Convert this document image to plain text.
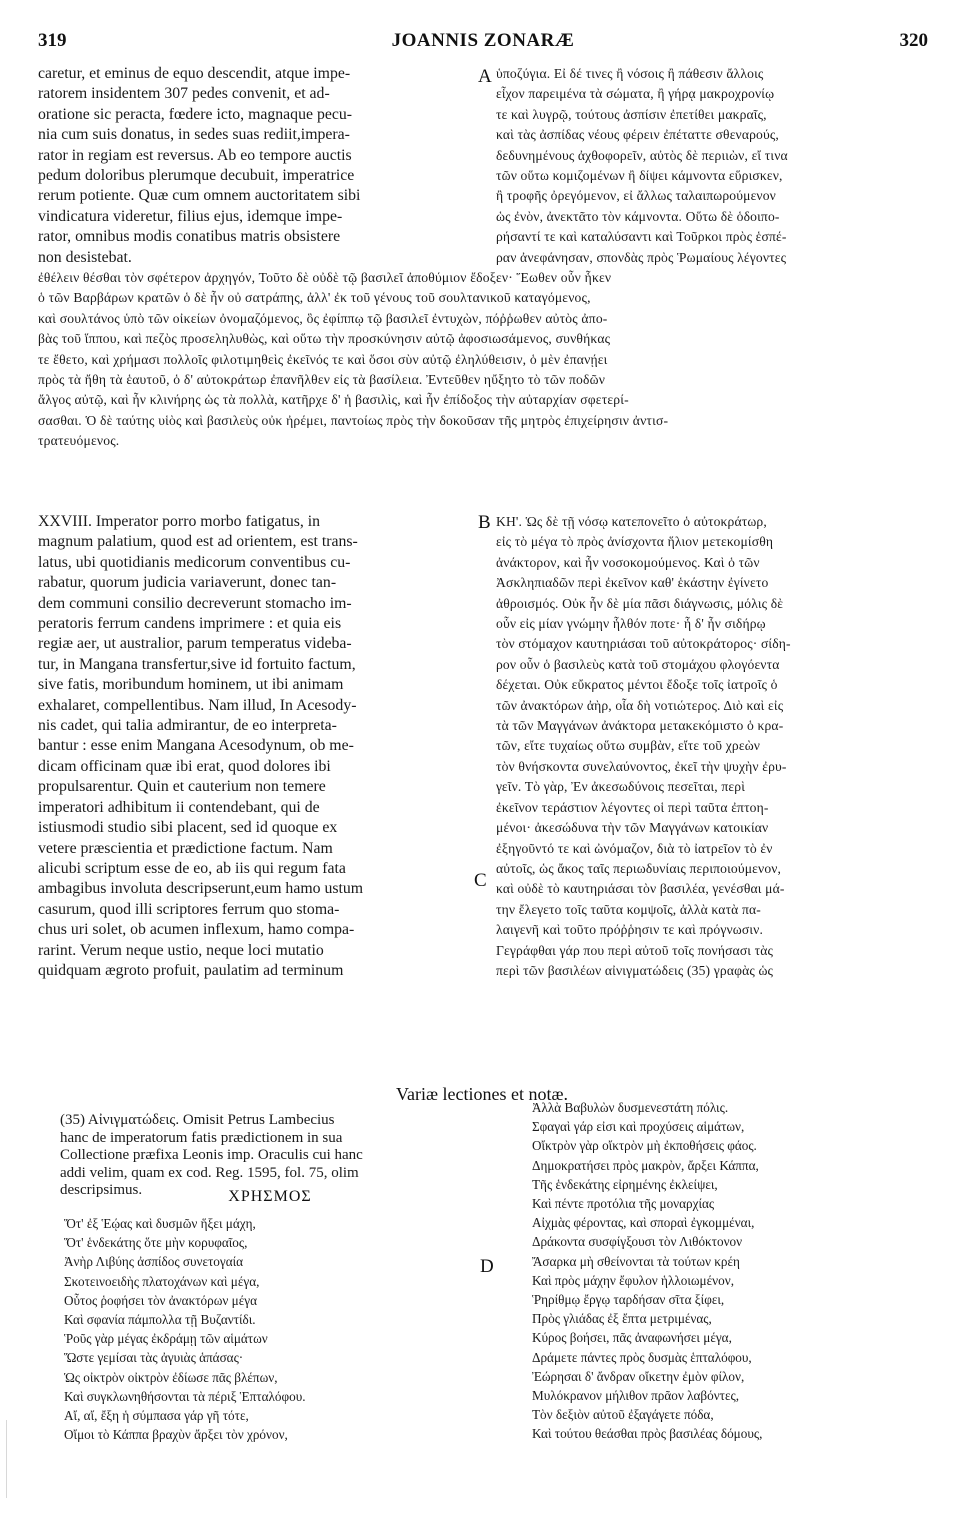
319	JOANNIS ZONARÆ	320
caretur, et eminus de equo descendit, atque impe-
ratorem insidentem 307 pedes convenit, et ad-
oratione sic peracta, fœdere icto, magnaque pecu-
nia cum suis donatus, in sedes suas rediit,impera-
rator in regiam est reversus. Ab eo tempore auctis
pedum doloribus plerumque decubuit, imperatrice
rerum potiente. Quæ cum omnem auctoritatem sibi
vindicatura videretur, filius ejus, idemque impe-
rator, omnibus modis conatibus matris obsistere
non desistebat.
A ὑποζύγια. Εἰ δέ τινες ἢ νόσοις ἢ πάθεσιν ἄλλοις
εἶχον παρειμένα τὰ σώματα, ἢ γήρᾳ μακροχρονίῳ
τε καὶ λυγρῷ, τούτους ἀσπίσιν ἐπετίθει μακραῖς,
καὶ τὰς ἀσπίδας νέους φέρειν ἐπέταττε σθεναρούς,
δεδυνημένους ἀχθοφορεῖν, αὐτὸς δὲ περιιὼν, εἴ τινα
τῶν οὕτω κομιζομένων ἢ δίψει κάμνοντα εὕρισκεν,
ἢ τροφῆς ὀρεγόμενον, εἰ ἄλλως ταλαιπωρούμενον
ὡς ἐνὸν, ἀνεκτᾶτο τὸν κάμνοντα. Οὕτω δὲ ὁδοιπο-
ρήσαντί τε καὶ καταλύσαντι καὶ Τοῦρκοι πρὸς ἑσπέ-
ραν ἀνεφάνησαν, σπονδὰς πρὸς Ῥωμαίους λέγοντες
ἐθέλειν θέσθαι τὸν σφέτερον ἀρχηγόν, Τοῦτο δὲ οὐδὲ τῷ βασιλεῖ ἀποθύμιον ἔδοξεν· Ἕωθεν οὖν ἧκεν
ὁ τῶν Βαρβάρων κρατῶν ὁ δὲ ἦν οὐ σατράπης, ἀλλ' ἐκ τοῦ γένους τοῦ σουλτανικοῦ καταγόμενος,
καὶ σουλτάνος ὑπὸ τῶν οἰκείων ὀνομαζόμενος, ὃς ἐφίππῳ τῷ βασιλεῖ ἐντυχὼν, πόῤῥωθεν αὐτὸς ἀπο-
βὰς τοῦ ἵππου, καὶ πεζὸς προσεληλυθὼς, καὶ οὕτω τὴν προσκύνησιν αὐτῷ ἀφοσιωσάμενος, συνθήκας
τε ἔθετο, καὶ χρήμασι πολλοῖς φιλοτιμηθεὶς ἐκεῖνός τε καὶ ὅσοι σὺν αὐτῷ ἐληλύθεισιν, ὁ μὲν ἐπανῄει
πρὸς τὰ ἤθη τὰ ἑαυτοῦ, ὁ δ' αὐτοκράτωρ ἐπανῆλθεν εἰς τὰ βασίλεια. Ἐντεῦθεν ηὔξητο τὸ τῶν ποδῶν
ἄλγος αὐτῷ, καὶ ἦν κλινήρης ὡς τὰ πολλὰ, κατῆρχε δ' ἡ βασιλὶς, καὶ ἦν ἐπίδοξος τὴν αὐταρχίαν σφετερί-
σασθαι. Ὁ δὲ ταύτης υἱὸς καὶ βασιλεὺς οὐκ ἠρέμει, παντοίως πρὸς τὴν δοκοῦσαν τῆς μητρὸς ἐπιχείρησιν ἀντισ-
τρατευόμενος.
XXVIII. Imperator porro morbo fatigatus, in
magnum palatium, quod est ad orientem, est trans-
latus, ubi quotidianis medicorum conventibus cu-
rabatur, quorum judicia variaverunt, donec tan-
dem communi consilio decreverunt stomacho im-
peratoris ferrum candens imprimere : et quia eis
regiæ aer, ut australior, parum temperatus videba-
tur, in Mangana transfertur,sive id fortuito factum,
sive fatis, moribundum hominem, ut ibi animam
exhalaret, compellentibus. Nam illud, In Acesody-
nis cadet, qui talia admirantur, de eo interpreta-
bantur : esse enim Mangana Acesodynum, ob me-
dicam officinam quæ ibi erat, quod dolores ibi
propulsarentur. Quin et cauterium non temere
imperatori adhibitum ii contendebant, qui de
istiusmodi studio sibi placent, sed id quoque ex
vetere præscientia et prædictione factum. Nam
alicubi scriptum esse de eo, ab iis qui regum fata
ambagibus involuta descripserunt,eum hamo ustum
casurum, quod illi scriptores ferrum quo stoma-
chus uri solet, ob acumen inflexum, hamo compa-
rarint. Verum neque ustio, neque loci mutatio
quidquam ægroto profuit, paulatim ad terminum
B
C
ΚΗ'. Ὡς δὲ τῇ νόσῳ κατεπονεῖτο ὁ αὐτοκράτωρ,
εἰς τὸ μέγα τὸ πρὸς ἀνίσχοντα ἥλιον μετεκομίσθη
ἀνάκτορον, καὶ ἦν νοσοκομούμενος. Καὶ ὁ τῶν
Ἀσκληπιαδῶν περὶ ἐκεῖνον καθ' ἑκάστην ἐγίνετο
ἀθροισμός. Οὐκ ἦν δὲ μία πᾶσι διάγνωσις, μόλις δὲ
οὖν εἰς μίαν γνώμην ἦλθόν ποτε· ἦ δ' ἦν σιδήρῳ
τὸν στόμαχον καυτηριάσαι τοῦ αὐτοκράτορος· σίδη-
ρον οὖν ὁ βασιλεὺς κατὰ τοῦ στομάχου φλογόεντα
δέχεται. Οὐκ εὔκρατος μέντοι ἔδοξε τοῖς ἰατροῖς ὁ
τῶν ἀνακτόρων ἀὴρ, οἷα δὴ νοτιώτερος. Διὸ καὶ εἰς
τὰ τῶν Μαγγάνων ἀνάκτορα μετακεκόμιστο ὁ κρα-
τῶν, εἴτε τυχαίως οὕτω συμβὰν, εἴτε τοῦ χρεὼν
τὸν θνήσκοντα συνελαύνοντος, ἐκεῖ τὴν ψυχὴν ἐρυ-
γεῖν. Τὸ γὰρ, Ἐν ἀκεσωδύνοις πεσεῖται, περὶ
ἐκεῖνον τεράστιον λέγοντες οἱ περὶ ταῦτα ἐπτοη-
μένοι· ἀκεσώδυνα τὴν τῶν Μαγγάνων κατοικίαν
ἐξηγοῦντό τε καὶ ὠνόμαζον, διὰ τὸ ἰατρεῖον τὸ ἐν
αὐτοῖς, ὡς ἄκος ταῖς περιωδυνίαις περιποιούμενον,
καὶ οὐδὲ τὸ καυτηριάσαι τὸν βασιλέα, γενέσθαι μά-
την ἔλεγετο τοῖς ταῦτα κομψοῖς, ἀλλὰ κατὰ πα-
λαιγενῆ καὶ τοῦτο πρόῤῥησιν τε καὶ πρόγνωσιν.
Γεγράφθαι γάρ που περὶ αὐτοῦ τοῖς πονήσασι τὰς
περὶ τῶν βασιλέων αἰνιγματώδεις (35) γραφὰς ὡς
Variæ lectiones et notæ.
(35) Αἰνιγματώδεις. Omisit Petrus Lambecius
hanc de imperatorum fatis prædictionem in sua
Collectione præfixa Leonis imp. Oraculis cui hanc
addi velim, quam ex cod. Reg. 1595, fol. 75, olim
descripsimus.	ΧΡΗΣΜΟΣ
Ὅτ' ἐξ Ἑῴας καὶ δυσμῶν ἥξει μάχη,
Ὅτ' ἑνδεκάτης ὅτε μὴν κορυφαῖος,
Ἀνὴρ Λιβύης ἀσπίδος συνετογαία
Σκοτεινοειδὴς πλατοχάνων καὶ μέγα,
Οὗτος ῥοφήσει τὸν ἀνακτόρων μέγα
Καὶ σφανία πάμπολλα τῇ Βυζαντίδι.
Ῥοῦς γὰρ μέγας ἐκδράμῃ τῶν αἱμάτων
Ὥστε γεμίσαι τὰς ἀγυιὰς ἁπάσας·
Ὡς οἰκτρὸν οἰκτρὸν ἐδίωσε πᾶς βλέπων,
Καὶ συγκλωνηθήσονται τὰ πέριξ Ἑπταλόφου.
Αἴ, αἴ, ἔξη ἡ σύμπασα γάρ γῆ τότε,
Οἴμοι τὸ Κάππα βραχὺν ἄρξει τὸν χρόνον,
D
Ἀλλὰ Βαβυλὼν δυσμενεστάτη πόλις.
Σφαγαὶ γάρ εἰσι καὶ προχύσεις αἱμάτων,
Οἴκτρὸν γὰρ οἴκτρὸν μὴ ἐκποθήσεις φάος.
Δημοκρατήσει πρὸς μακρὸν, ἄρξει Κάππα,
Τῆς ἑνδεκάτης εἰρημένης ἐκλείψει,
Καὶ πέντε προτόλια τῆς μοναρχίας
Αἰχμὰς φέροντας, καὶ σποραὶ ἐγκομμέναι,
Δράκοντα συσφίγξουσι τὸν Λιθόκτονον
Ἄσαρκα μὴ σθείνονται τὰ τούτων κρέη
Καὶ πρὸς μάχην ἔφυλον ἡλλοιωμένον,
Ῥηρίθμῳ ἔργῳ ταρδήσαν σῖτα ξίφει,
Πρὸς γλιάδας ἐξ ἔπτα μετριμένας,
Κύρος βοήσει, πᾶς ἀναφωνήσει μέγα,
Δράμετε πάντες πρὸς δυσμὰς ἑπταλόφου,
Ἐώρησαι δ' ἄνδραν οἴκετην ἐμὸν φίλον,
Μυλόκρανον μήλιθον πρᾶον λαβόντες,
Τὸν δεξιὸν αὐτοῦ ἐξαγάγετε πόδα,
Καὶ τούτου θεάσθαι πρὸς βασιλέας δόμους,
